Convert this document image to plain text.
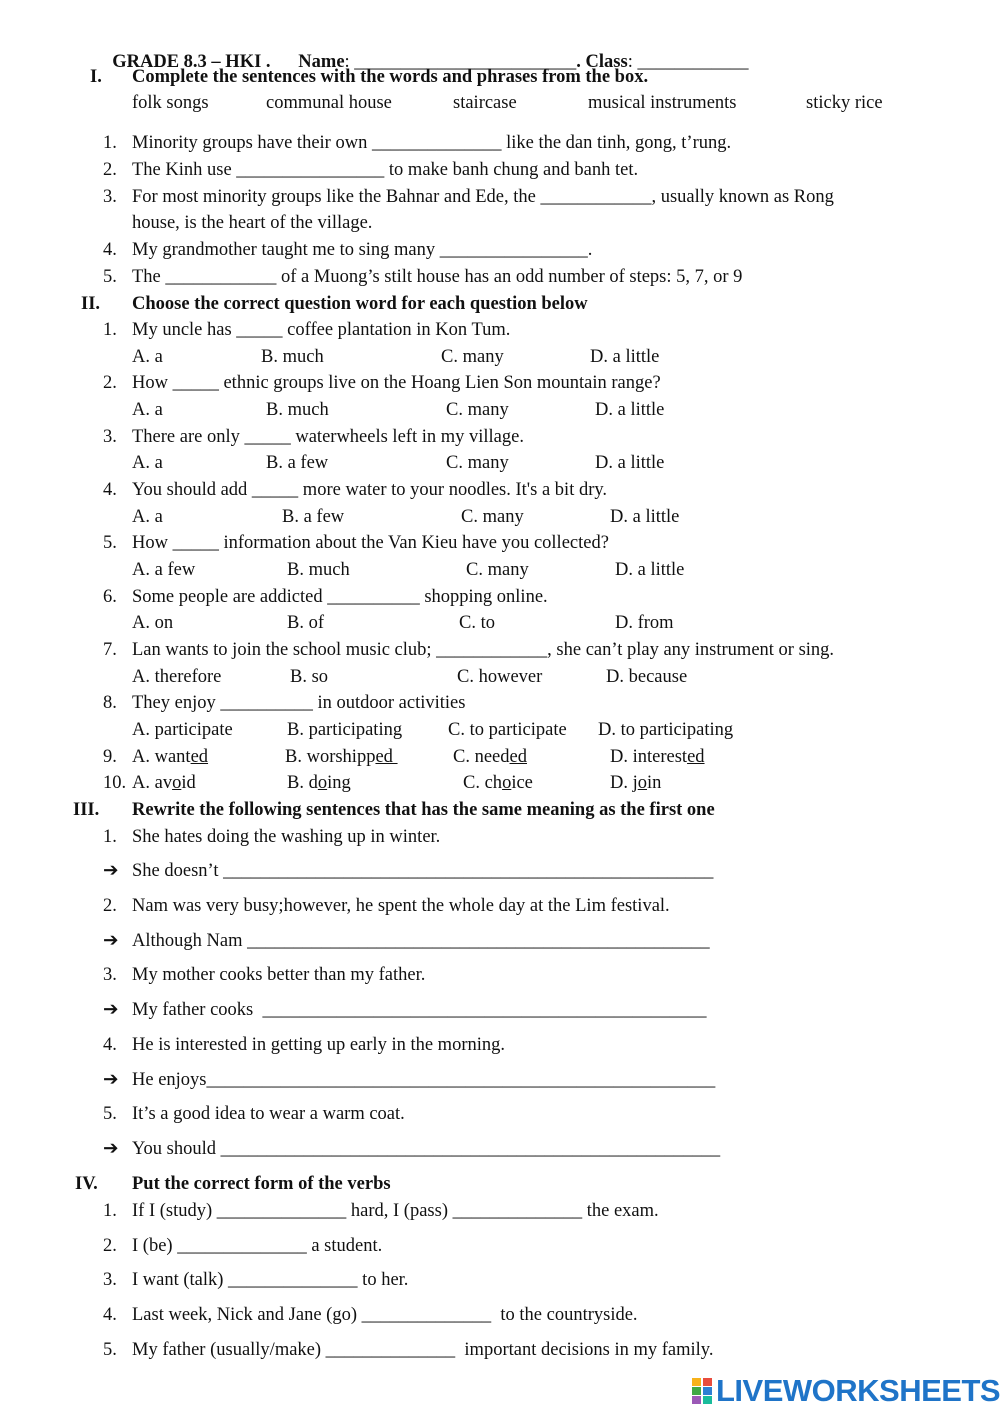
GRADE 8.3 – HKI . Name: ________________________. Class: ____________

I. Complete the sentences with the words and phrases from the box.
folk songs	communal house	staircase	musical instruments	sticky rice
1. Minority groups have their own ______________ like the dan tinh, gong, t’rung.
2. The Kinh use ________________ to make banh chung and banh tet.
3. For most minority groups like the Bahnar and Ede, the ____________, usually known as Rong
house, is the heart of the village.
4. My grandmother taught me to sing many ________________.
5. The ____________ of a Muong’s stilt house has an odd number of steps: 5, 7, or 9
II. Choose the correct question word for each question below
1. My uncle has _____ coffee plantation in Kon Tum.
A. a	B. much	C. many	D. a little
2. How _____ ethnic groups live on the Hoang Lien Son mountain range?
A. a	B. much	C. many	D. a little
3. There are only _____ waterwheels left in my village.
A. a	B. a few	C. many	D. a little
4. You should add _____ more water to your noodles. It's a bit dry.
A. a	B. a few	C. many	D. a little
5. How _____ information about the Van Kieu have you collected?
A. a few	B. much	C. many	D. a little
6. Some people are addicted __________ shopping online.
A. on	B. of	C. to	D. from
7. Lan wants to join the school music club; ____________, she can’t play any instrument or sing.
A. therefore	B. so	C. however	D. because
8. They enjoy __________ in outdoor activities
A. participate	B. participating C. to participate D. to participating
9. A. wanted	B. worshipped	C. needed	D. interested
10. A. avoid	B. doing	C. choice	D. join
III. Rewrite the following sentences that has the same meaning as the first one
1. She hates doing the washing up in winter.
➔ She doesn’t _____________________________________________________
2. Nam was very busy;however, he spent the whole day at the Lim festival.
➔ Although Nam __________________________________________________
3. My mother cooks better than my father.
➔ My father cooks  ________________________________________________
4. He is interested in getting up early in the morning.
➔ He enjoys_______________________________________________________
5. It’s a good idea to wear a warm coat.
➔ You should ______________________________________________________
IV. Put the correct form of the verbs
1. If I (study) ______________ hard, I (pass) ______________ the exam.
2. I (be) ______________ a student.
3. I want (talk) ______________ to her.
4. Last week, Nick and Jane (go) ______________  to the countryside.
5. My father (usually/make) ______________  important decisions in my family.
LIVEWORKSHEETS
